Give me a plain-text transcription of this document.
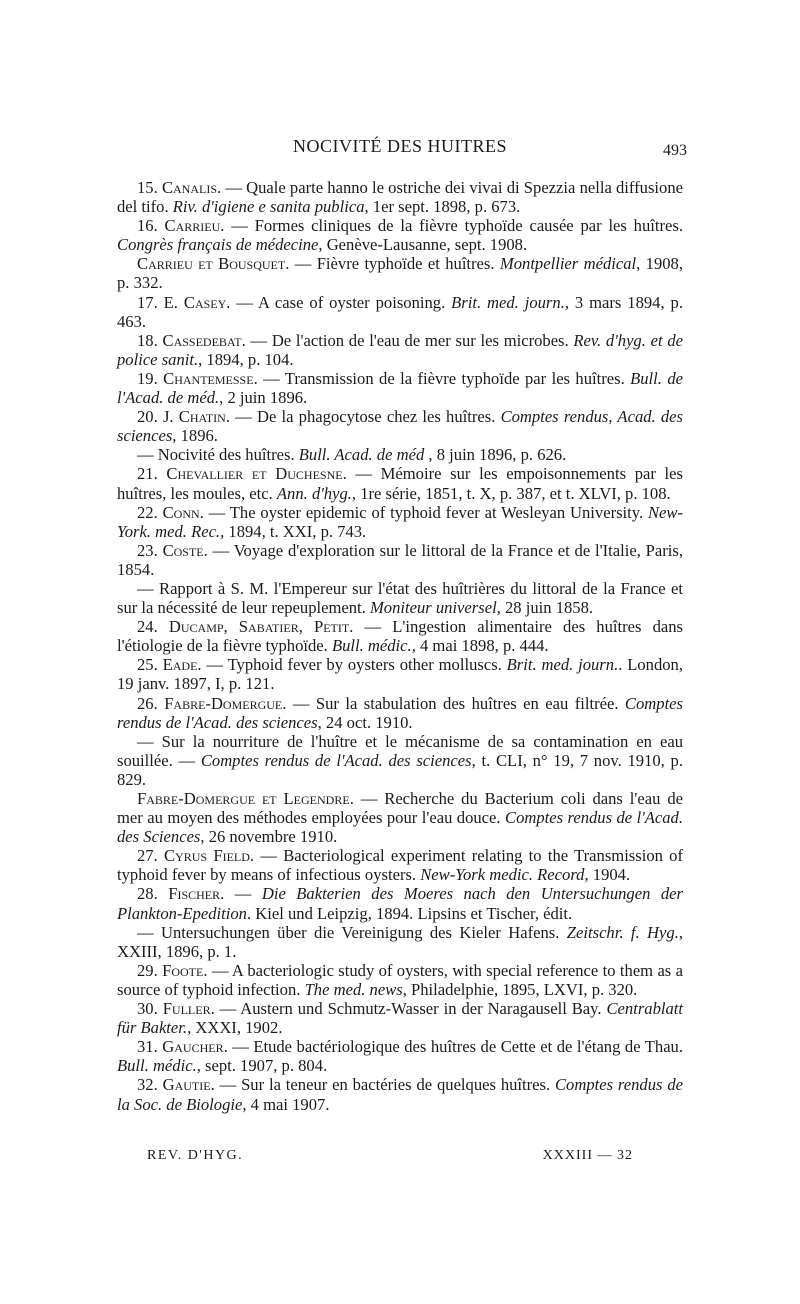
NOCIVITÉ DES HUITRES	493

15. Canalis. — Quale parte hanno le ostriche dei vivai di Spezzia nella diffusione del tifo. Riv. d'igiene e sanita publica, 1er sept. 1898, p. 673.

16. Carrieu. — Formes cliniques de la fièvre typhoïde causée par les huîtres. Congrès français de médecine, Genève-Lausanne, sept. 1908.

Carrieu et Bousquet. — Fièvre typhoïde et huîtres. Montpellier médical, 1908, p. 332.

17. E. Casey. — A case of oyster poisoning. Brit. med. journ., 3 mars 1894, p. 463.

18. Cassedebat. — De l'action de l'eau de mer sur les microbes. Rev. d'hyg. et de police sanit., 1894, p. 104.

19. Chantemesse. — Transmission de la fièvre typhoïde par les huîtres. Bull. de l'Acad. de méd., 2 juin 1896.

20. J. Chatin. — De la phagocytose chez les huîtres. Comptes rendus, Acad. des sciences, 1896.

— Nocivité des huîtres. Bull. Acad. de méd , 8 juin 1896, p. 626.

21. Chevallier et Duchesne. — Mémoire sur les empoisonnements par les huîtres, les moules, etc. Ann. d'hyg., 1re série, 1851, t. X, p. 387, et t. XLVI, p. 108.

22. Conn. — The oyster epidemic of typhoid fever at Wesleyan University. New-York. med. Rec., 1894, t. XXI, p. 743.

23. Coste. — Voyage d'exploration sur le littoral de la France et de l'Italie, Paris, 1854.

— Rapport à S. M. l'Empereur sur l'état des huîtrières du littoral de la France et sur la nécessité de leur repeuplement. Moniteur universel, 28 juin 1858.

24. Ducamp, Sabatier, Petit. — L'ingestion alimentaire des huîtres dans l'étiologie de la fièvre typhoïde. Bull. médic., 4 mai 1898, p. 444.

25. Eade. — Typhoid fever by oysters other molluscs. Brit. med. journ.. London, 19 janv. 1897, I, p. 121.

26. Fabre-Domergue. — Sur la stabulation des huîtres en eau filtrée. Comptes rendus de l'Acad. des sciences, 24 oct. 1910.

— Sur la nourriture de l'huître et le mécanisme de sa contamination en eau souillée. — Comptes rendus de l'Acad. des sciences, t. CLI, n° 19, 7 nov. 1910, p. 829.

Fabre-Domergue et Legendre. — Recherche du Bacterium coli dans l'eau de mer au moyen des méthodes employées pour l'eau douce. Comptes rendus de l'Acad. des Sciences, 26 novembre 1910.

27. Cyrus Field. — Bacteriological experiment relating to the Transmission of typhoid fever by means of infectious oysters. New-York medic. Record, 1904.

28. Fischer. — Die Bakterien des Moeres nach den Untersuchungen der Plankton-Epedition. Kiel und Leipzig, 1894. Lipsins et Tischer, édit.

— Untersuchungen über die Vereinigung des Kieler Hafens. Zeitschr. f. Hyg., XXIII, 1896, p. 1.

29. Foote. — A bacteriologic study of oysters, with special reference to them as a source of typhoid infection. The med. news, Philadelphie, 1895, LXVI, p. 320.

30. Fuller. — Austern und Schmutz-Wasser in der Naragausell Bay. Centrablatt für Bakter., XXXI, 1902.

31. Gaucher. — Etude bactériologique des huîtres de Cette et de l'étang de Thau. Bull. médic., sept. 1907, p. 804.

32. Gautie. — Sur la teneur en bactéries de quelques huîtres. Comptes rendus de la Soc. de Biologie, 4 mai 1907.

REV. D'HYG.	XXXIII — 32
